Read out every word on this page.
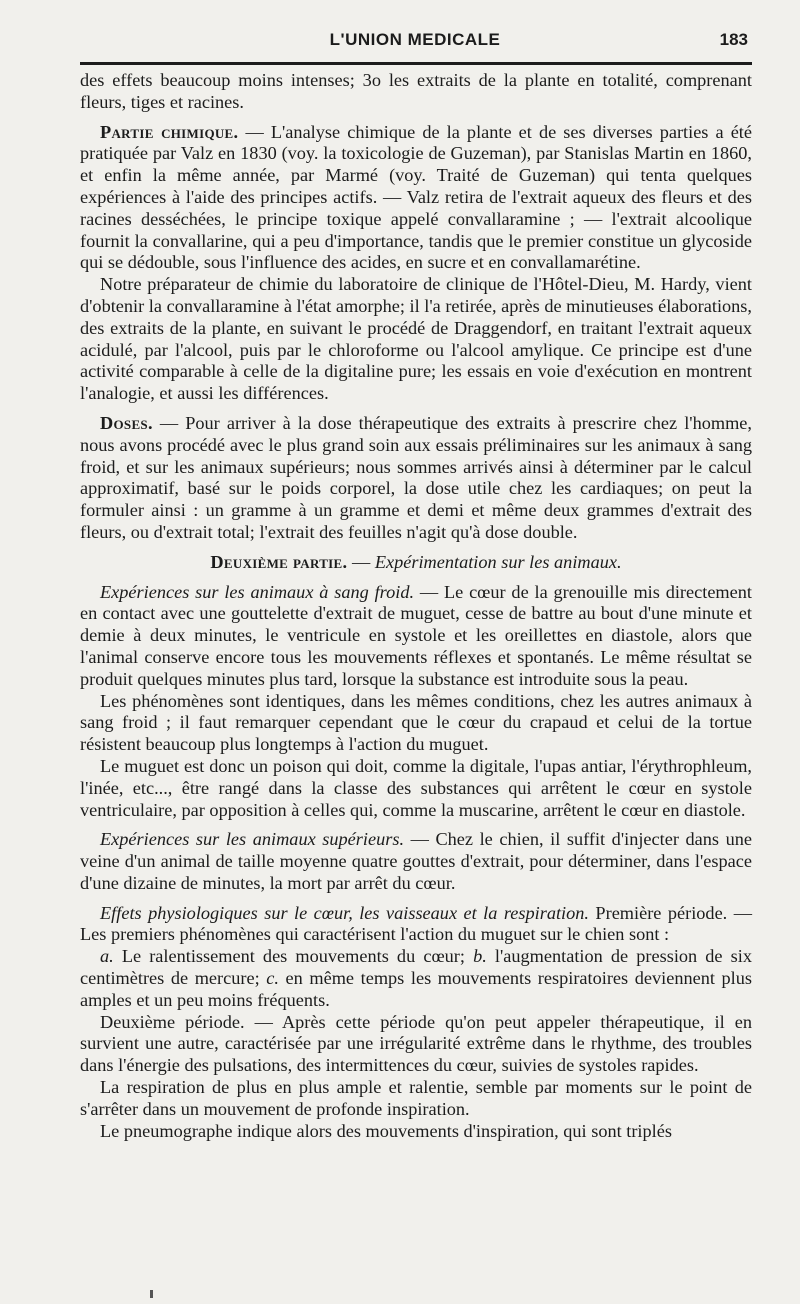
L'UNION MEDICALE	183

des effets beaucoup moins intenses; 3o les extraits de la plante en totalité, comprenant fleurs, tiges et racines.

Partie chimique. — L'analyse chimique de la plante et de ses diverses parties a été pratiquée par Valz en 1830 (voy. la toxicologie de Guzeman), par Stanislas Martin en 1860, et enfin la même année, par Marmé (voy. Traité de Guzeman) qui tenta quelques expériences à l'aide des principes actifs. — Valz retira de l'extrait aqueux des fleurs et des racines desséchées, le principe toxique appelé convallaramine ; — l'extrait alcoolique fournit la convallarine, qui a peu d'importance, tandis que le premier constitue un glycoside qui se dédouble, sous l'influence des acides, en sucre et en convallamarétine.

Notre préparateur de chimie du laboratoire de clinique de l'Hôtel-Dieu, M. Hardy, vient d'obtenir la convallaramine à l'état amorphe; il l'a retirée, après de minutieuses élaborations, des extraits de la plante, en suivant le procédé de Draggendorf, en traitant l'extrait aqueux acidulé, par l'alcool, puis par le chloroforme ou l'alcool amylique. Ce principe est d'une activité comparable à celle de la digitaline pure; les essais en voie d'exécution en montrent l'analogie, et aussi les différences.

Doses. — Pour arriver à la dose thérapeutique des extraits à prescrire chez l'homme, nous avons procédé avec le plus grand soin aux essais préliminaires sur les animaux à sang froid, et sur les animaux supérieurs; nous sommes arrivés ainsi à déterminer par le calcul approximatif, basé sur le poids corporel, la dose utile chez les cardiaques; on peut la formuler ainsi : un gramme à un gramme et demi et même deux grammes d'extrait des fleurs, ou d'extrait total; l'extrait des feuilles n'agit qu'à dose double.

Deuxième partie. — Expérimentation sur les animaux.

Expériences sur les animaux à sang froid. — Le cœur de la grenouille mis directement en contact avec une gouttelette d'extrait de muguet, cesse de battre au bout d'une minute et demie à deux minutes, le ventricule en systole et les oreillettes en diastole, alors que l'animal conserve encore tous les mouvements réflexes et spontanés. Le même résultat se produit quelques minutes plus tard, lorsque la substance est introduite sous la peau.

Les phénomènes sont identiques, dans les mêmes conditions, chez les autres animaux à sang froid ; il faut remarquer cependant que le cœur du crapaud et celui de la tortue résistent beaucoup plus longtemps à l'action du muguet.

Le muguet est donc un poison qui doit, comme la digitale, l'upas antiar, l'érythrophleum, l'inée, etc..., être rangé dans la classe des substances qui arrêtent le cœur en systole ventriculaire, par opposition à celles qui, comme la muscarine, arrêtent le cœur en diastole.

Expériences sur les animaux supérieurs. — Chez le chien, il suffit d'injecter dans une veine d'un animal de taille moyenne quatre gouttes d'extrait, pour déterminer, dans l'espace d'une dizaine de minutes, la mort par arrêt du cœur.

Effets physiologiques sur le cœur, les vaisseaux et la respiration. Première période. — Les premiers phénomènes qui caractérisent l'action du muguet sur le chien sont :

a. Le ralentissement des mouvements du cœur; b. l'augmentation de pression de six centimètres de mercure; c. en même temps les mouvements respiratoires deviennent plus amples et un peu moins fréquents.

Deuxième période. — Après cette période qu'on peut appeler thérapeutique, il en survient une autre, caractérisée par une irrégularité extrême dans le rhythme, des troubles dans l'énergie des pulsations, des intermittences du cœur, suivies de systoles rapides.

La respiration de plus en plus ample et ralentie, semble par moments sur le point de s'arrêter dans un mouvement de profonde inspiration.

Le pneumographe indique alors des mouvements d'inspiration, qui sont triplés
